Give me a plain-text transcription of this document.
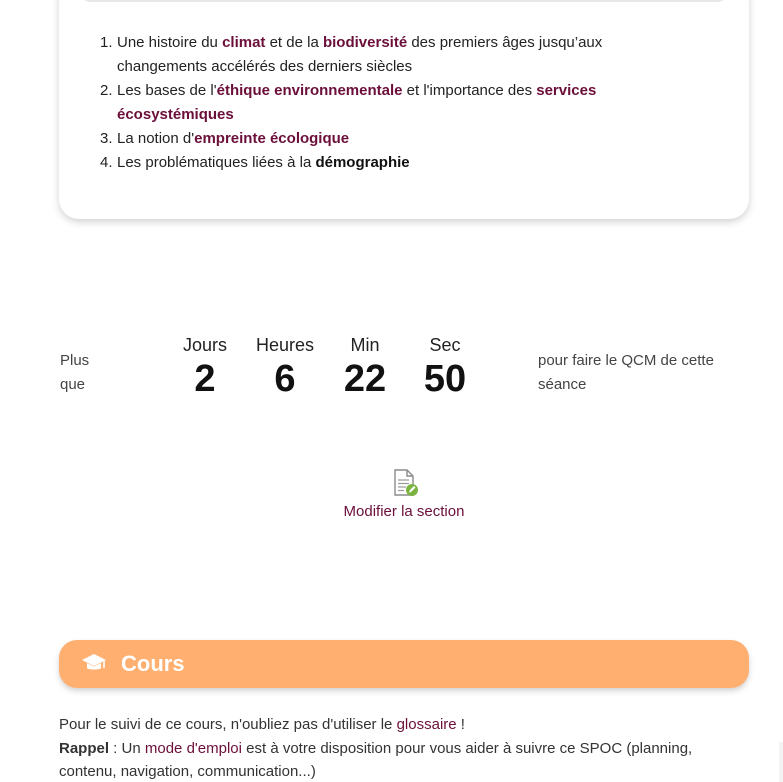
1. Une histoire du climat et de la biodiversité des premiers âges jusqu’aux changements accélérés des derniers siècles
2. Les bases de l'éthique environnementale et l'importance des services écosystémiques
3. La notion d'empreinte écologique
4. Les problématiques liées à la démographie
Plus que
Jours
2
Heures
6
Min
22
Sec
50	pour faire le QCM de cette séance
Modifier la section
Cours
Pour le suivi de ce cours, n'oubliez pas d'utiliser le glossaire !
Rappel : Un mode d'emploi est à votre disposition pour vous aider à suivre ce SPOC (planning, contenu, navigation, communication...)
